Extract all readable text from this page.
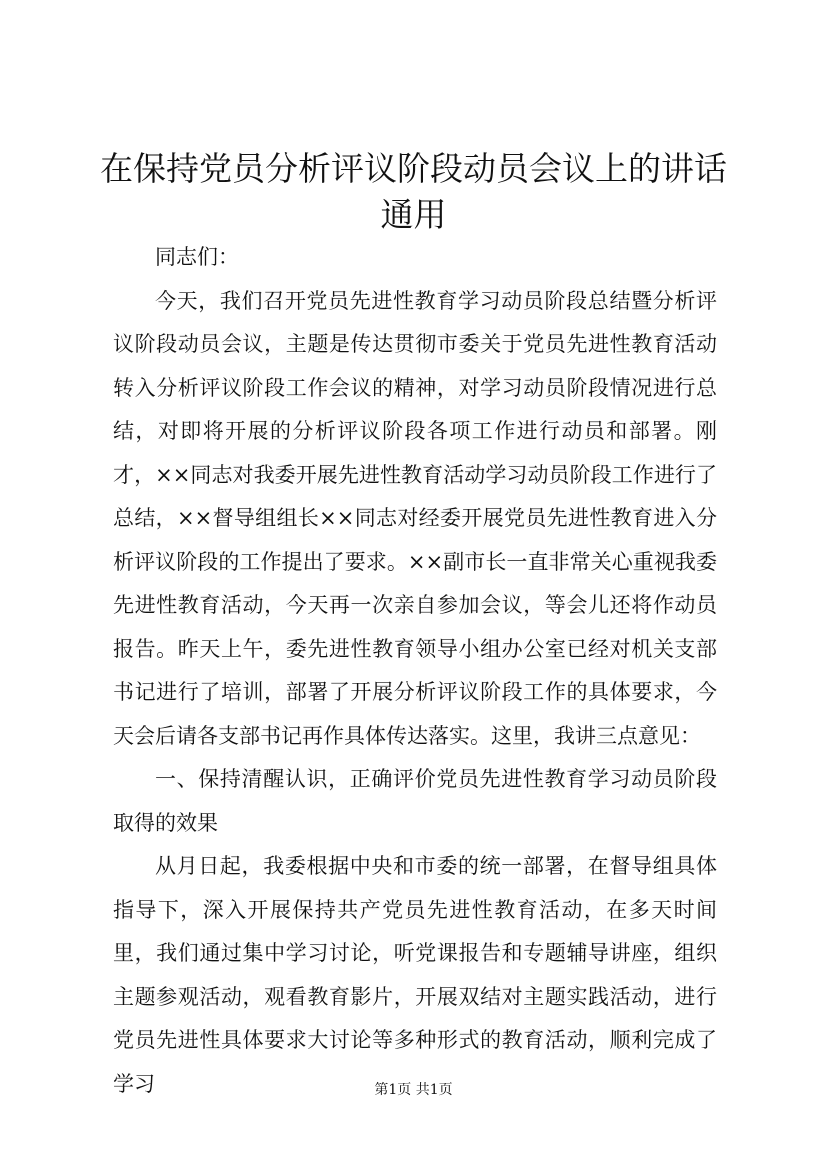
在保持党员分析评议阶段动员会议上的讲话通用

同志们：

今天，我们召开党员先进性教育学习动员阶段总结暨分析评议阶段动员会议，主题是传达贯彻市委关于党员先进性教育活动转入分析评议阶段工作会议的精神，对学习动员阶段情况进行总结，对即将开展的分析评议阶段各项工作进行动员和部署。刚才，××同志对我委开展先进性教育活动学习动员阶段工作进行了总结，××督导组组长××同志对经委开展党员先进性教育进入分析评议阶段的工作提出了要求。××副市长一直非常关心重视我委先进性教育活动，今天再一次亲自参加会议，等会儿还将作动员报告。昨天上午，委先进性教育领导小组办公室已经对机关支部书记进行了培训，部署了开展分析评议阶段工作的具体要求，今天会后请各支部书记再作具体传达落实。这里，我讲三点意见：

一、保持清醒认识，正确评价党员先进性教育学习动员阶段取得的效果

从月日起，我委根据中央和市委的统一部署，在督导组具体指导下，深入开展保持共产党员先进性教育活动，在多天时间里，我们通过集中学习讨论，听党课报告和专题辅导讲座，组织主题参观活动，观看教育影片，开展双结对主题实践活动，进行党员先进性具体要求大讨论等多种形式的教育活动，顺利完成了学习	第1页 共1页
